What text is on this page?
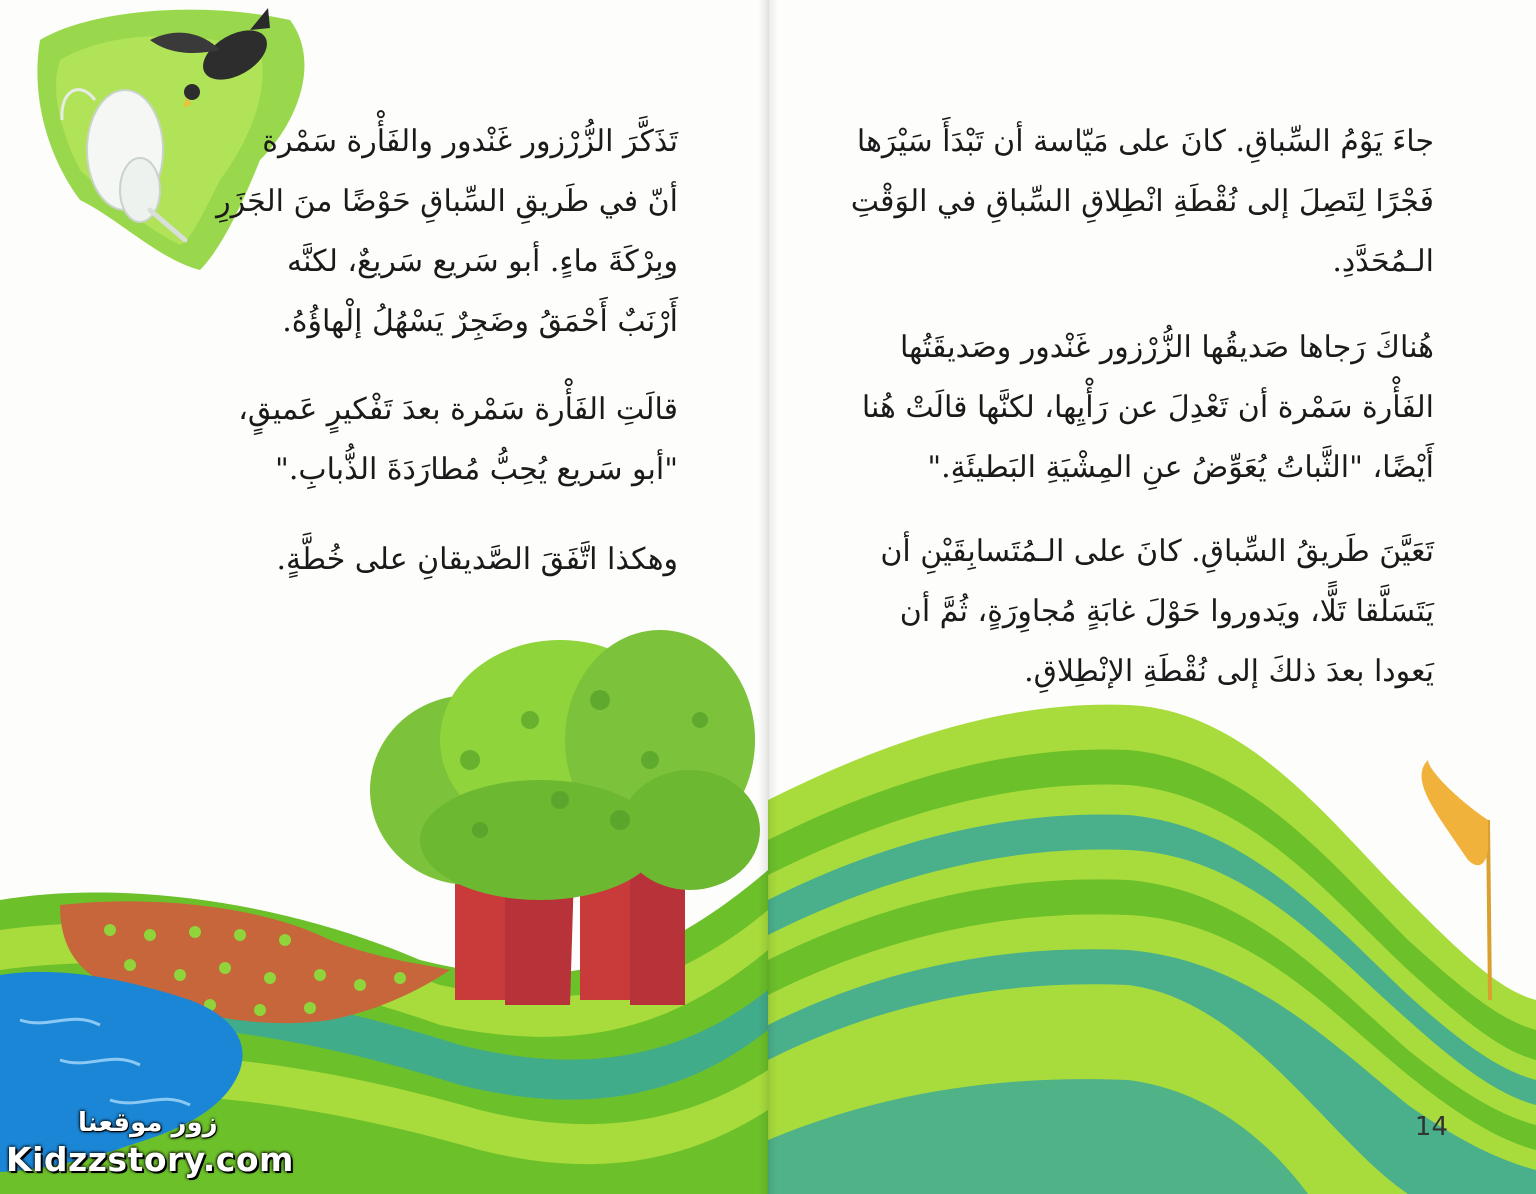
تَذَكَّرَ الزُّرْزور غَنْدور والفَأْرة سَمْرة
أنّ في طَريقِ السِّباقِ حَوْضًا منَ الجَزَرِ
وبِرْكَةَ ماءٍ. أبو سَريع سَريعٌ، لكنَّه
أَرْنَبٌ أَحْمَقُ وضَجِرٌ يَسْهُلُ إلْهاؤُهُ.

قالَتِ الفَأْرة سَمْرة بعدَ تَفْكيرٍ عَميقٍ،
"أبو سَريع يُحِبُّ مُطارَدَةَ الذُّبابِ."

وهكذا اتَّفَقَ الصَّديقانِ على خُطَّةٍ.

زور موقعنا
Kidzzstory.com

جاءَ يَوْمُ السِّباقِ. كانَ على مَيّاسة أن تَبْدَأَ سَيْرَها
فَجْرًا لِتَصِلَ إلى نُقْطَةِ انْطِلاقِ السِّباقِ في الوَقْتِ
الـمُحَدَّدِ.

هُناكَ رَجاها صَديقُها الزُّرْزور غَنْدور وصَديقَتُها
الفَأْرة سَمْرة أن تَعْدِلَ عن رَأْيِها، لكنَّها قالَتْ هُنا
أَيْضًا، "الثَّباتُ يُعَوِّضُ عنِ المِشْيَةِ البَطيئَةِ."

تَعَيَّنَ طَريقُ السِّباقِ. كانَ على الـمُتَسابِقَيْنِ أن
يَتَسَلَّقا تَلًّا، ويَدوروا حَوْلَ غابَةٍ مُجاوِرَةٍ، ثُمَّ أن
يَعودا بعدَ ذلكَ إلى نُقْطَةِ الإنْطِلاقِ.

14
